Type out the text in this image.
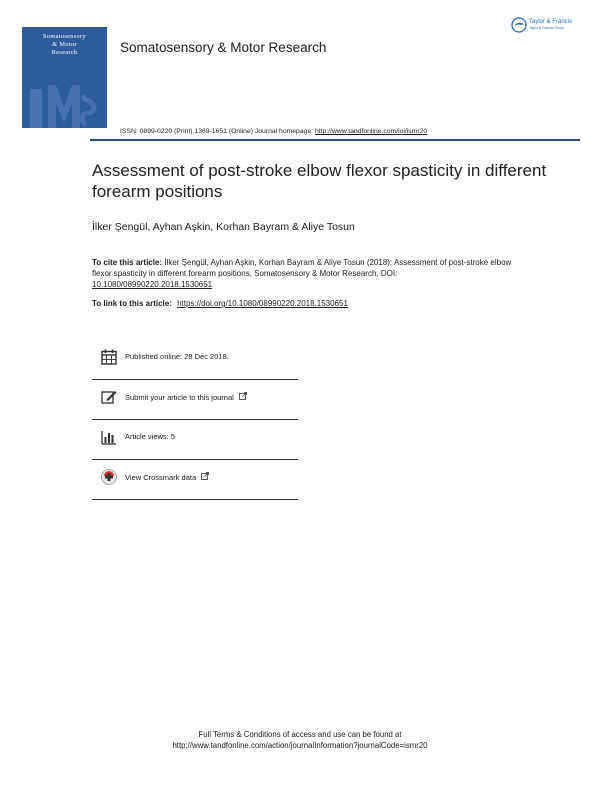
Somatosensory
& Motor
Research
Taylor
Somatosensory & Motor Research
ISSN: 0899-0220 (Print) 1369-1651 (Online) Journal homepage: http://www.tandfonline.com/loi/ismr20
Taylor & Francis
Taylor & Francis Group
Assessment of post-stroke elbow flexor spasticity in different forearm positions
İlker Şengül, Ayhan Aşkin, Korhan Bayram & Aliye Tosun
To cite this article: İlker Şengül, Ayhan Aşkin, Korhan Bayram & Aliye Tosun (2018): Assessment of post-stroke elbow flexor spasticity in different forearm positions, Somatosensory & Motor Research, DOI: 10.1080/08990220.2018.1530651
To link to this article: https://doi.org/10.1080/08990220.2018.1530651
Published online: 28 Dec 2018.
Submit your article to this journal
Article views: 5
View Crossmark data
Full Terms & Conditions of access and use can be found at
http://www.tandfonline.com/action/journalInformation?journalCode=ismr20
